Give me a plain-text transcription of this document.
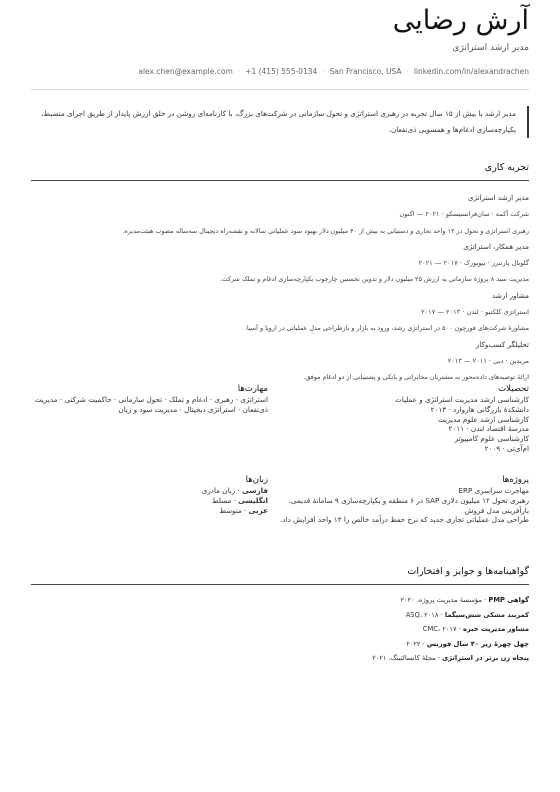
آرش رضایی
مدیر ارشد استراتژی
alex.chen@example.com · +1 (415) 555-0134 · San Francisco, USA · linkedin.com/in/alexandrachen
مدیر ارشد با بیش از ۱۵ سال تجربه در رهبری استراتژی و تحول سازمانی در شرکت‌های بزرگ، با کارنامه‌ای روشن در خلق ارزش پایدار از طریق اجرای منضبط، یکپارچه‌سازی ادغام‌ها و همسویی ذی‌نفعان.
تجربه کاری
مدیر ارشد استراتژی
شرکت آکمه · سان‌فرانسیسکو · ۲۰۲۱ — اکنون
رهبری استراتژی و تحول در ۱۲ واحد تجاری و دستیابی به بیش از ۴۰ میلیون دلار بهبود سود عملیاتی سالانه و نقشه‌راه دیجیتال سه‌ساله مصوب هیئت‌مدیره.
مدیر همکار، استراتژی
گلوبال پارتنرز · نیویورک · ۲۰۱۷ — ۲۰۲۱
مدیریت سبد ۸ پروژهٔ سازمانی به ارزش ۲۵ میلیون دلار و تدوین نخستین چارچوب یکپارچه‌سازی ادغام و تملک شرکت.
مشاور ارشد
استراتژی کلکتیو · لندن · ۲۰۱۳ — ۲۰۱۷
مشاورهٔ شرکت‌های فورچون ۵۰۰ در استراتژی رشد، ورود به بازار و بازطراحی مدل عملیاتی در اروپا و آسیا.
تحلیلگر کسب‌وکار
مریدین · دبی · ۲۰۱۱ — ۲۰۱۳
ارائهٔ توصیه‌های داده‌محور به مشتریان مخابراتی و بانکی و پشتیبانی از دو ادغام موفق.
تحصیلات
کارشناسی ارشد مدیریت استراتژی و عملیات
دانشکدهٔ بازرگانی هاروارد · ۲۰۱۳
کارشناسی ارشد علوم مدیریت
مدرسهٔ اقتصاد لندن · ۲۰۱۱
کارشناسی علوم کامپیوتر
ام‌آی‌تی · ۲۰۰۹
مهارت‌ها
استراتژی · رهبری · ادغام و تملک · تحول سازمانی · حاکمیت شرکتی · مدیریت ذی‌نفعان · استراتژی دیجیتال · مدیریت سود و زیان
پروژه‌ها
مهاجرت سراسری ERP
رهبری تحول ۱۲ میلیون دلاری SAP در ۶ منطقه و یکپارچه‌سازی ۹ سامانهٔ قدیمی.
بازآفرینی مدل فروش
طراحی مدل عملیاتی تجاری جدید که نرخ حفظ درآمد خالص را ۱۴ واحد افزایش داد.
زبان‌ها
فارسی · زبان مادری
انگلیسی · مسلط
عربی · متوسط
گواهینامه‌ها و جوایز و افتخارات
گواهی PMP · مؤسسهٔ مدیریت پروژه، ۲۰۲۰
کمربند مشکی شش‌سیگما · ASQ، ۲۰۱۸
مشاور مدیریت خبره · CMC، ۲۰۱۷
چهل چهرهٔ زیر ۴۰ سال فوربس · ۲۰۲۲
پنجاه زن برتر در استراتژی · مجلهٔ کانسالتینگ، ۲۰۲۱
